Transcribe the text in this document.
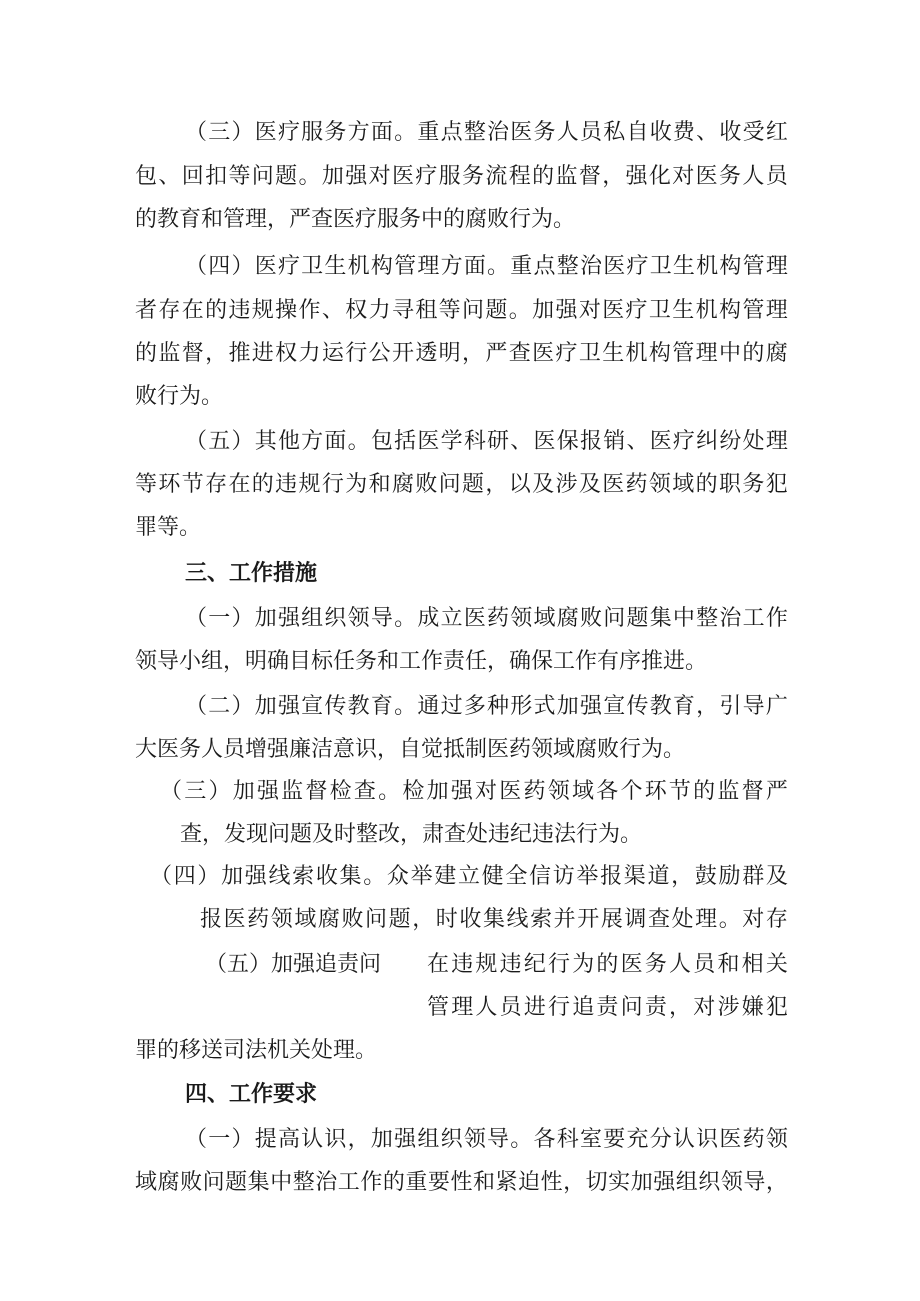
（ 三 ） 医 疗 服 务 方 面 。 重 点 整 治 医 务 人 员 私 自 收 费 、 收 受 红
包 、 回 扣 等 问 题 。 加 强 对 医 疗 服 务 流 程 的 监 督 ， 强 化 对 医 务 人 员
的教育和管理，严查医疗服务中的腐败行为。
（ 四 ） 医 疗 卫 生 机 构 管 理 方 面 。 重 点 整 治 医 疗 卫 生 机 构 管 理
者 存 在 的 违 规 操 作 、 权 力 寻 租 等 问 题 。 加 强 对 医 疗 卫 生 机 构 管 理
的 监 督 ， 推 进 权 力 运 行 公 开 透 明 ， 严 查 医 疗 卫 生 机 构 管 理 中 的 腐
败行为。
（ 五 ） 其 他 方 面 。 包 括 医 学 科 研 、 医 保 报 销 、 医 疗 纠 纷 处 理
等 环 节 存 在 的 违 规 行 为 和 腐 败 问 题 ， 以 及 涉 及 医 药 领 域 的 职 务 犯
罪等。
三、工作措施
（ 一 ） 加 强 组 织 领 导 。 成 立 医 药 领 域 腐 败 问 题 集 中 整 治 工 作
领导小组，明确目标任务和工作责任，确保工作有序推进。
（ 二 ） 加 强 宣 传 教 育 。 通 过 多 种 形 式 加 强 宣 传 教 育 ， 引 导 广
大医务人员增强廉洁意识，自觉抵制医药领域腐败行为。
（ 三 ） 加 强 监 督 检 查 。 检 加 强 对 医 药 领 域 各 个 环 节 的 监 督 严
查，发现问题及时整改，肃查处违纪违法行为。
（ 四 ） 加 强 线 索 收 集 。 众 举 建 立 健 全 信 访 举 报 渠 道 ， 鼓 励 群 及
报 医 药 领 域 腐 败 问 题 ， 时 收 集 线 索 并 开 展 调 查 处 理 。 对 存
（五）加强追责问 在 违 规 违 纪 行 为 的 医 务 人 员 和 相 关
管 理 人 员 进 行 追 责 问 责 ， 对 涉 嫌 犯
罪的移送司法机关处理。
四、工作要求
（ 一 ） 提 高 认 识 ， 加 强 组 织 领 导 。 各 科 室 要 充 分 认 识 医 药 领
域 腐 败 问 题 集 中 整 治 工 作 的 重 要 性 和 紧 迫 性 ， 切 实 加 强 组 织 领 导 ，
